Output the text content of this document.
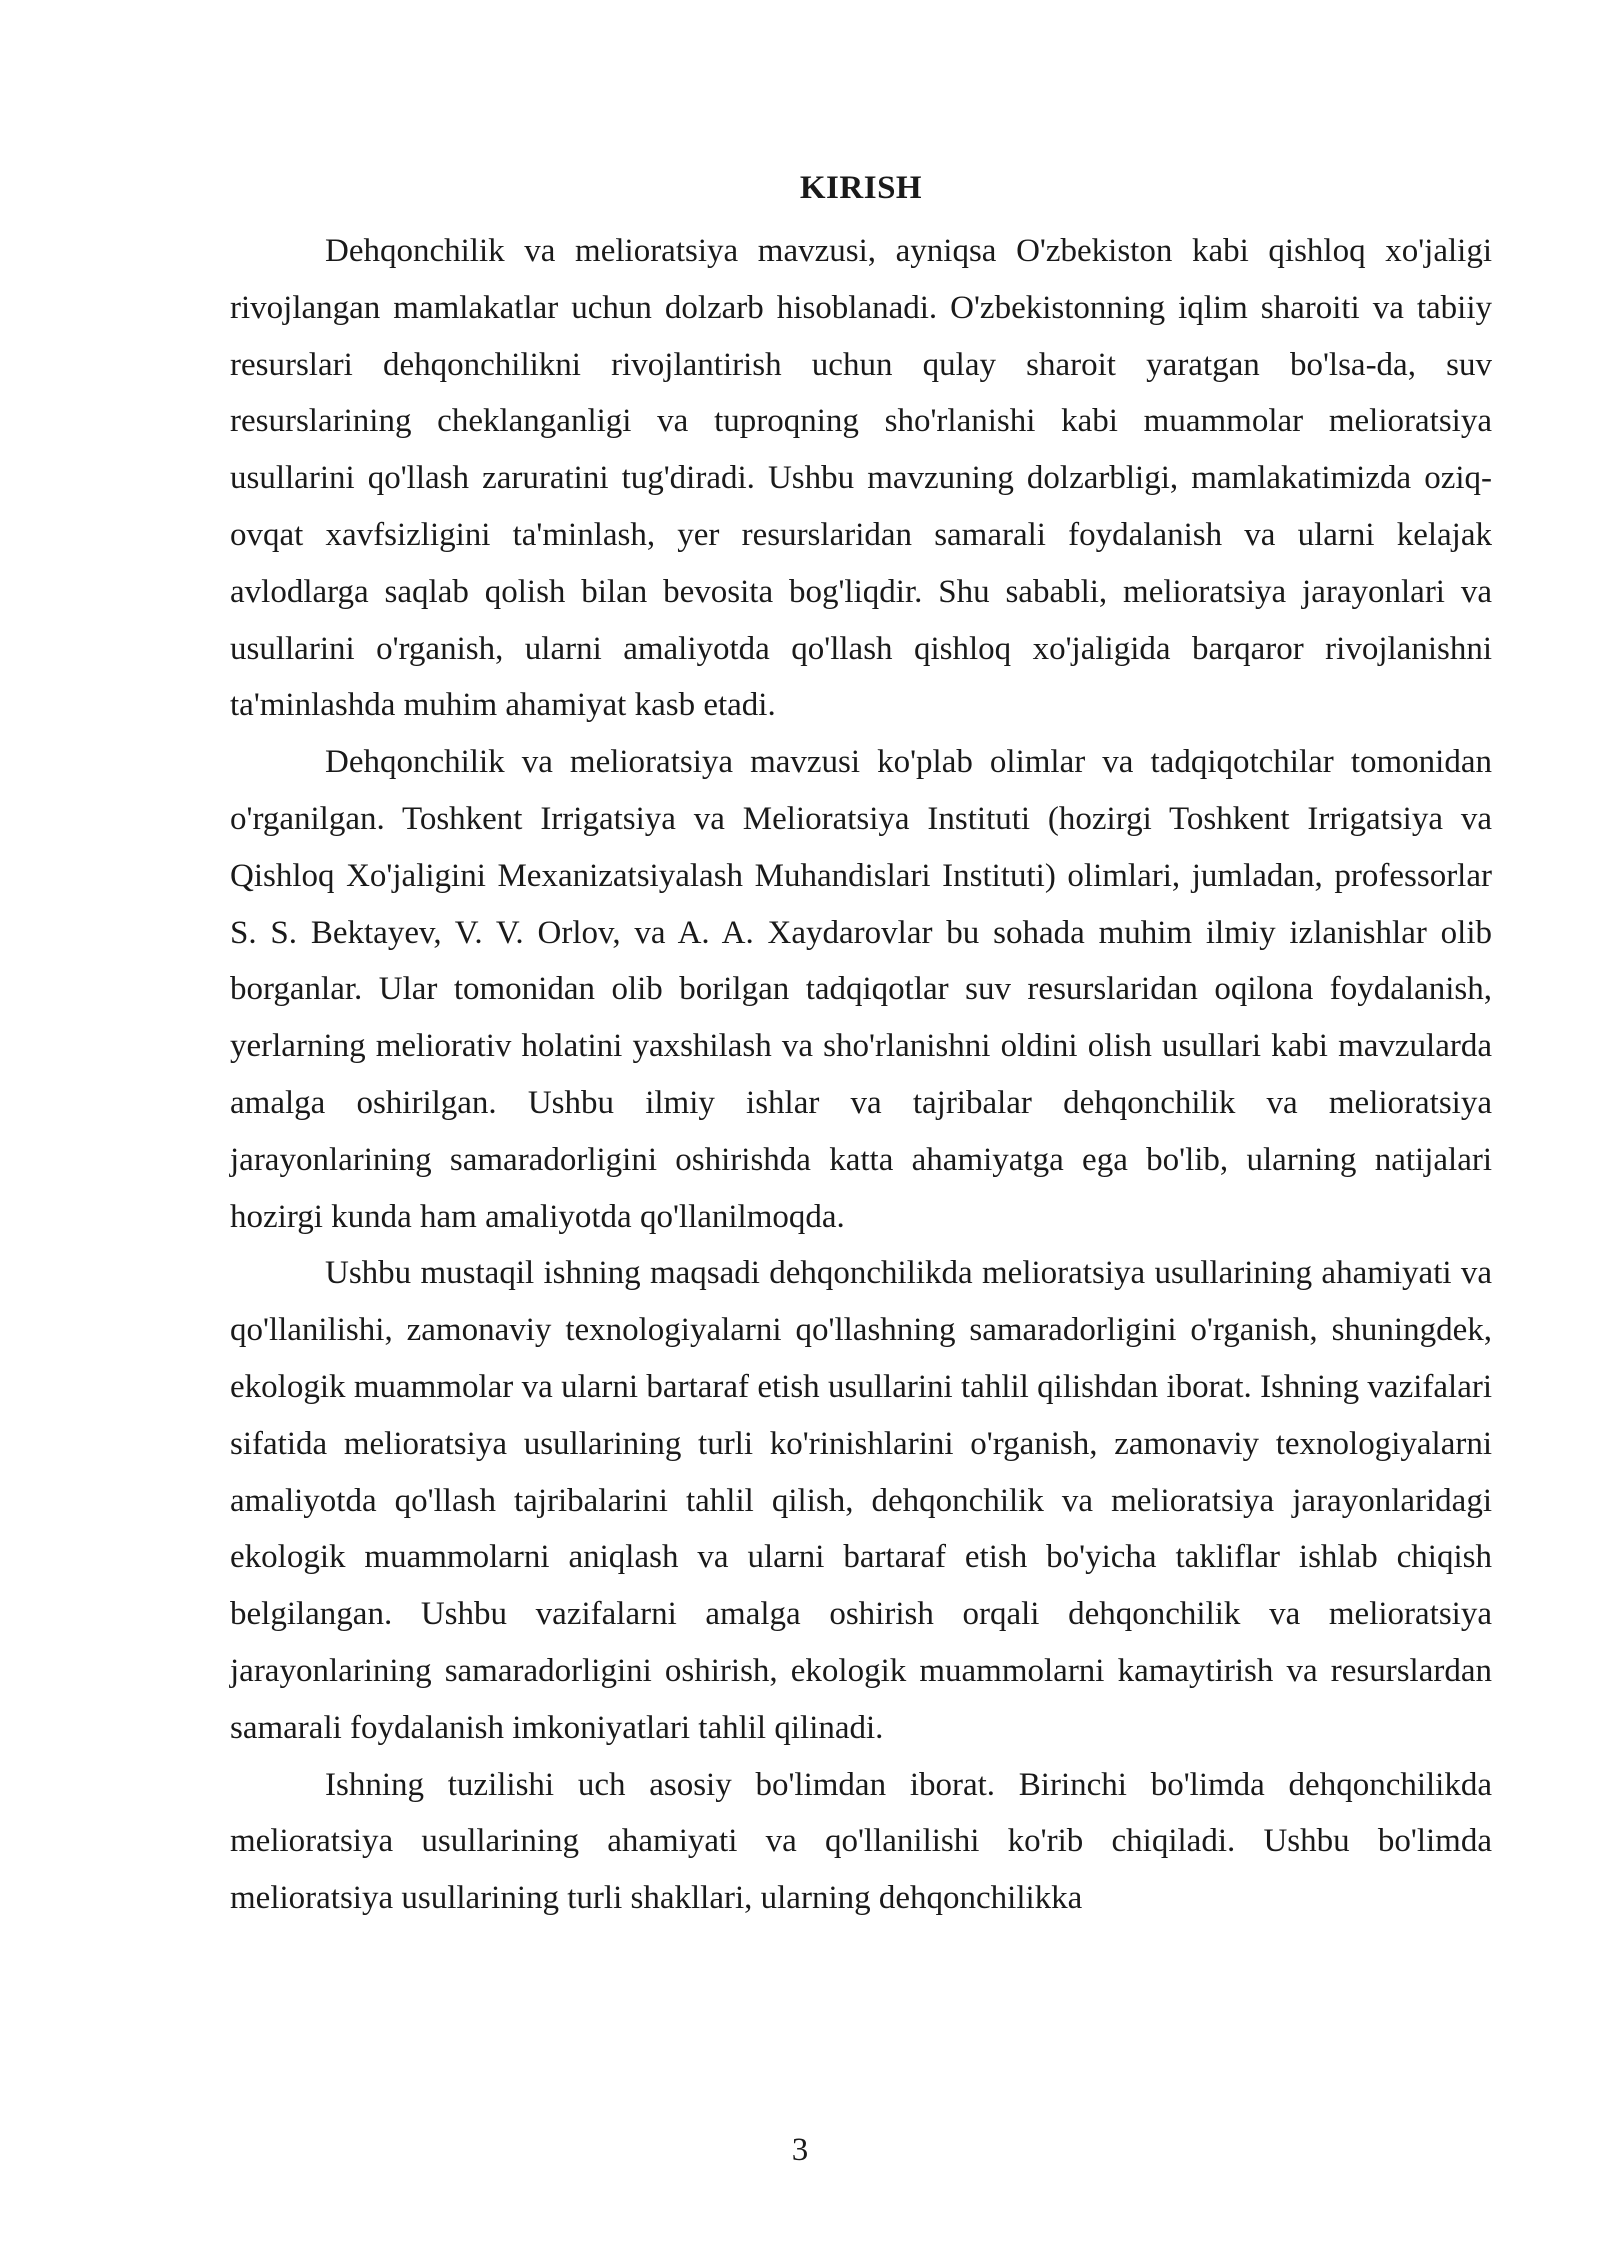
KIRISH

Dehqonchilik va melioratsiya mavzusi, ayniqsa O'zbekiston kabi qishloq xo'jaligi rivojlangan mamlakatlar uchun dolzarb hisoblanadi. O'zbekistonning iqlim sharoiti va tabiiy resurslari dehqonchilikni rivojlantirish uchun qulay sharoit yaratgan bo'lsa-da, suv resurslarining cheklanganligi va tuproqning sho'rlanishi kabi muammolar melioratsiya usullarini qo'llash zaruratini tug'diradi. Ushbu mavzuning dolzarbligi, mamlakatimizda oziq-ovqat xavfsizligini ta'minlash, yer resurslaridan samarali foydalanish va ularni kelajak avlodlarga saqlab qolish bilan bevosita bog'liqdir. Shu sababli, melioratsiya jarayonlari va usullarini o'rganish, ularni amaliyotda qo'llash qishloq xo'jaligida barqaror rivojlanishni ta'minlashda muhim ahamiyat kasb etadi.

Dehqonchilik va melioratsiya mavzusi ko'plab olimlar va tadqiqotchilar tomonidan o'rganilgan. Toshkent Irrigatsiya va Melioratsiya Instituti (hozirgi Toshkent Irrigatsiya va Qishloq Xo'jaligini Mexanizatsiyalash Muhandislari Instituti) olimlari, jumladan, professorlar S. S. Bektayev, V. V. Orlov, va A. A. Xaydarovlar bu sohada muhim ilmiy izlanishlar olib borganlar. Ular tomonidan olib borilgan tadqiqotlar suv resurslaridan oqilona foydalanish, yerlarning meliorativ holatini yaxshilash va sho'rlanishni oldini olish usullari kabi mavzularda amalga oshirilgan. Ushbu ilmiy ishlar va tajribalar dehqonchilik va melioratsiya jarayonlarining samaradorligini oshirishda katta ahamiyatga ega bo'lib, ularning natijalari hozirgi kunda ham amaliyotda qo'llanilmoqda.

Ushbu mustaqil ishning maqsadi dehqonchilikda melioratsiya usullarining ahamiyati va qo'llanilishi, zamonaviy texnologiyalarni qo'llashning samaradorligini o'rganish, shuningdek, ekologik muammolar va ularni bartaraf etish usullarini tahlil qilishdan iborat. Ishning vazifalari sifatida melioratsiya usullarining turli ko'rinishlarini o'rganish, zamonaviy texnologiyalarni amaliyotda qo'llash tajribalarini tahlil qilish, dehqonchilik va melioratsiya jarayonlaridagi ekologik muammolarni aniqlash va ularni bartaraf etish bo'yicha takliflar ishlab chiqish belgilangan. Ushbu vazifalarni amalga oshirish orqali dehqonchilik va melioratsiya jarayonlarining samaradorligini oshirish, ekologik muammolarni kamaytirish va resurslardan samarali foydalanish imkoniyatlari tahlil qilinadi.

Ishning tuzilishi uch asosiy bo'limdan iborat. Birinchi bo'limda dehqonchilikda melioratsiya usullarining ahamiyati va qo'llanilishi ko'rib chiqiladi. Ushbu bo'limda melioratsiya usullarining turli shakllari, ularning dehqonchilikka

3
